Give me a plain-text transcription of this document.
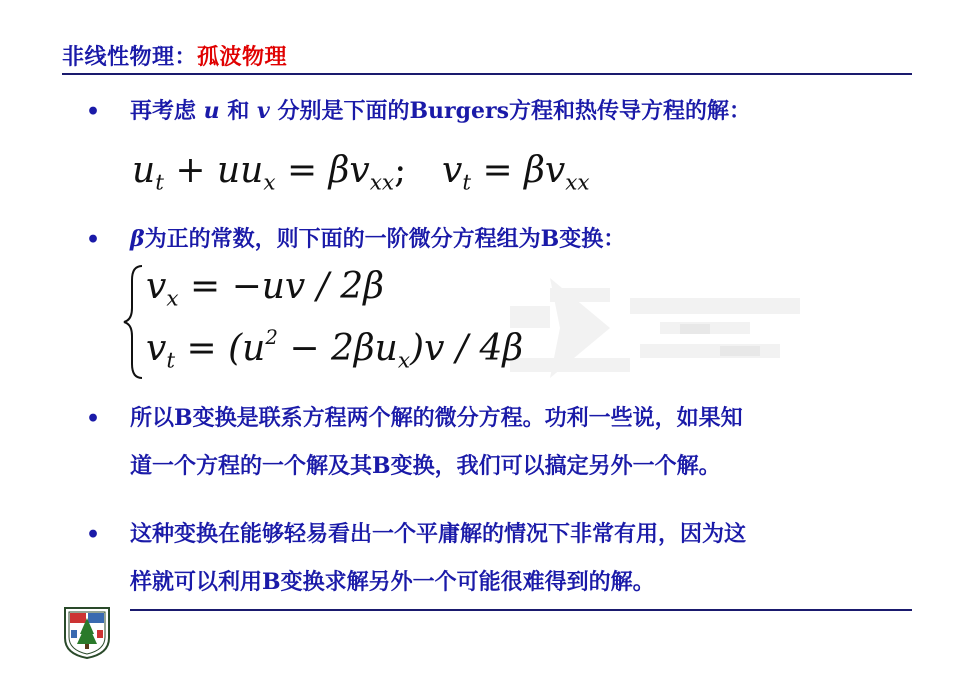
非线性物理：孤波物理
• 再考虑 u 和 v 分别是下面的Burgers方程和热传导方程的解：
$u_t + uu_x = \beta v_{xx}$; $v_t = \beta v_{xx}$
• β为正的常数，则下面的一阶微分方程组为B变换：
$v_x = -uv / 2\beta$
$v_t = (u^2 - 2\beta u_x)v / 4\beta$
• 所以B变换是联系方程两个解的微分方程。功利一些说，如果知
道一个方程的一个解及其B变换，我们可以搞定另外一个解。
• 这种变换在能够轻易看出一个平庸解的情况下非常有用，因为这
样就可以利用B变换求解另外一个可能很难得到的解。
